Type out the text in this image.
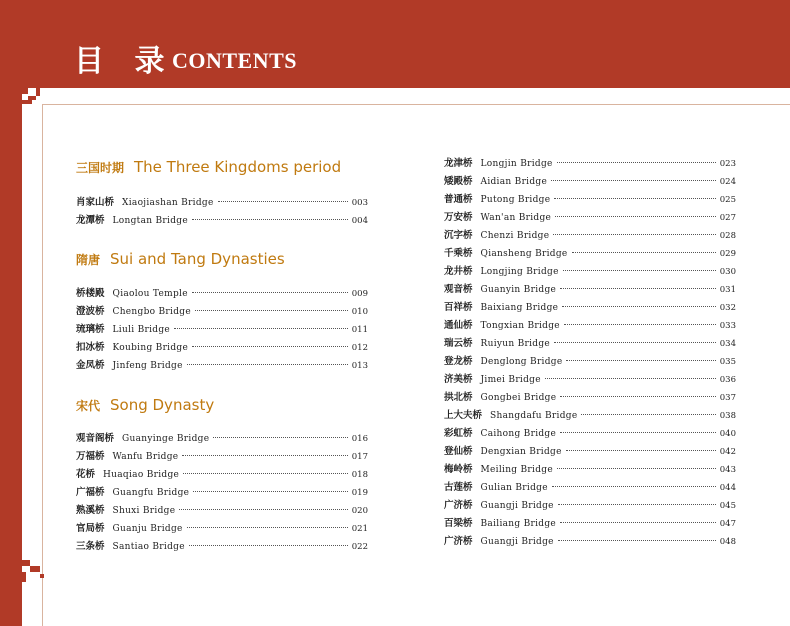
目 录
CONTENTS
三国时期 The Three Kingdoms period
肖家山桥 Xiaojiashan Bridge	003
龙潭桥 Longtan Bridge	004
隋唐 Sui and Tang Dynasties
桥楼殿 Qiaolou Temple	009
澄波桥 Chengbo Bridge	010
琉璃桥 Liuli Bridge	011
扣冰桥 Koubing Bridge	012
金凤桥 Jinfeng Bridge	013
宋代 Song Dynasty
观音阁桥 Guanyinge Bridge	016
万福桥 Wanfu Bridge	017
花桥 Huaqiao Bridge	018
广福桥 Guangfu Bridge	019
熟溪桥 Shuxi Bridge	020
官局桥 Guanju Bridge	021
三条桥 Santiao Bridge	022
龙津桥 Longjin Bridge	023
矮殿桥 Aidian Bridge	024
普通桥 Putong Bridge	025
万安桥 Wan'an Bridge	027
沉字桥 Chenzi Bridge	028
千乘桥 Qiansheng Bridge	029
龙井桥 Longjing Bridge	030
观音桥 Guanyin Bridge	031
百祥桥 Baixiang Bridge	032
通仙桥 Tongxian Bridge	033
瑞云桥 Ruiyun Bridge	034
登龙桥 Denglong Bridge	035
济美桥 Jimei Bridge	036
拱北桥 Gongbei Bridge	037
上大夫桥 Shangdafu Bridge	038
彩虹桥 Caihong Bridge	040
登仙桥 Dengxian Bridge	042
梅岭桥 Meiling Bridge	043
古莲桥 Gulian Bridge	044
广济桥 Guangji Bridge	045
百梁桥 Bailiang Bridge	047
广济桥 Guangji Bridge	048
